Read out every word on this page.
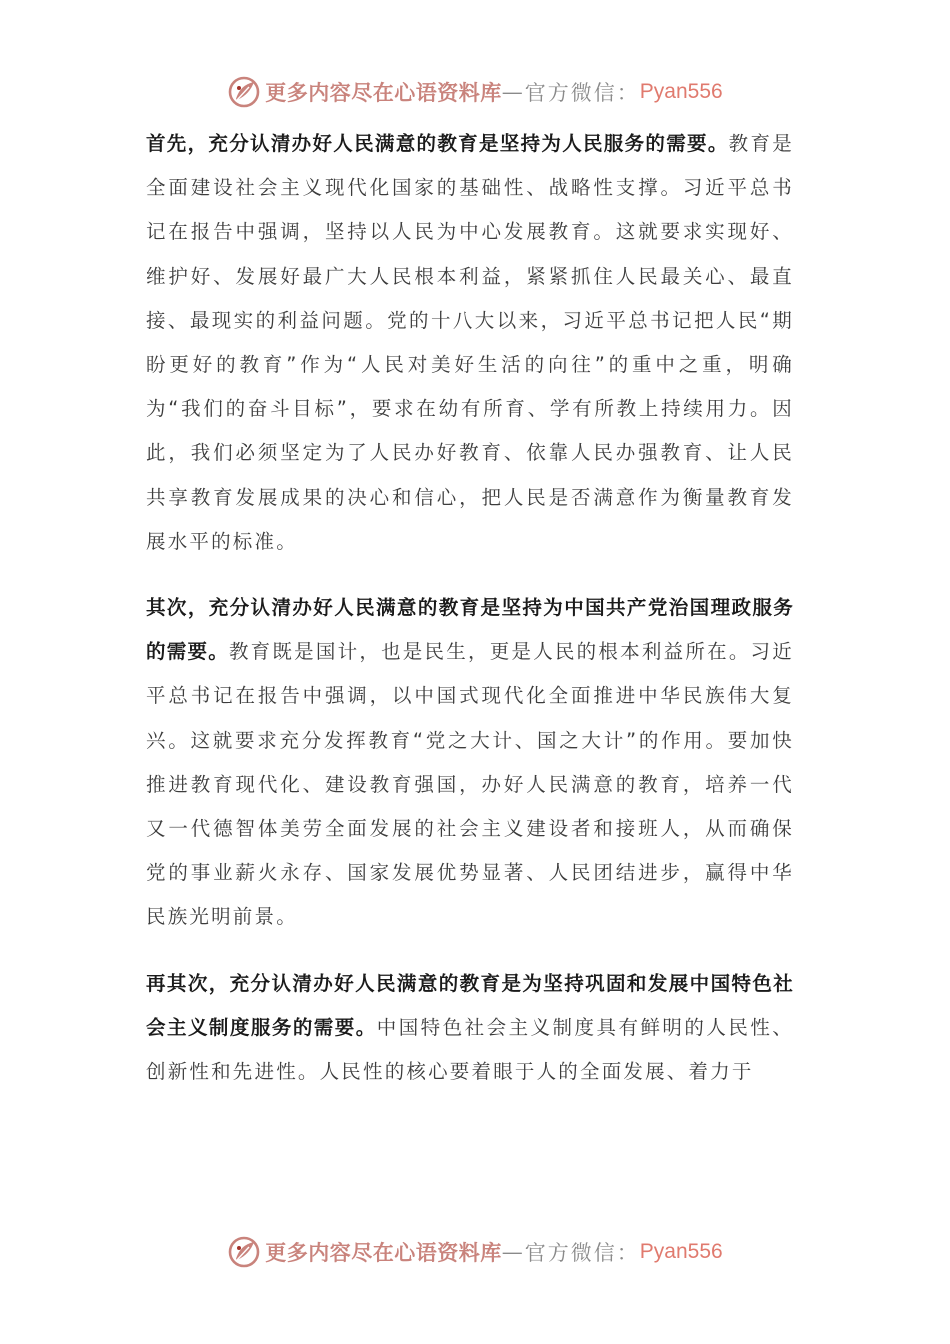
更多内容尽在心语资料库 — 官方微信： Pyan556

首先，充分认清办好人民满意的教育是坚持为人民服务的需要。教育是全面建设社会主义现代化国家的基础性、战略性支撑。习近平总书记在报告中强调，坚持以人民为中心发展教育。这就要求实现好、维护好、发展好最广大人民根本利益，紧紧抓住人民最关心、最直接、最现实的利益问题。党的十八大以来，习近平总书记把人民“期盼更好的教育”作为“人民对美好生活的向往”的重中之重，明确为“我们的奋斗目标”，要求在幼有所育、学有所教上持续用力。因此，我们必须坚定为了人民办好教育、依靠人民办强教育、让人民共享教育发展成果的决心和信心，把人民是否满意作为衡量教育发展水平的标准。

其次，充分认清办好人民满意的教育是坚持为中国共产党治国理政服务的需要。教育既是国计，也是民生，更是人民的根本利益所在。习近平总书记在报告中强调，以中国式现代化全面推进中华民族伟大复兴。这就要求充分发挥教育“党之大计、国之大计”的作用。要加快推进教育现代化、建设教育强国，办好人民满意的教育，培养一代又一代德智体美劳全面发展的社会主义建设者和接班人，从而确保党的事业薪火永存、国家发展优势显著、人民团结进步，赢得中华民族光明前景。

再其次，充分认清办好人民满意的教育是为坚持巩固和发展中国特色社会主义制度服务的需要。中国特色社会主义制度具有鲜明的人民性、创新性和先进性。人民性的核心要着眼于人的全面发展、着力于

更多内容尽在心语资料库 — 官方微信： Pyan556
